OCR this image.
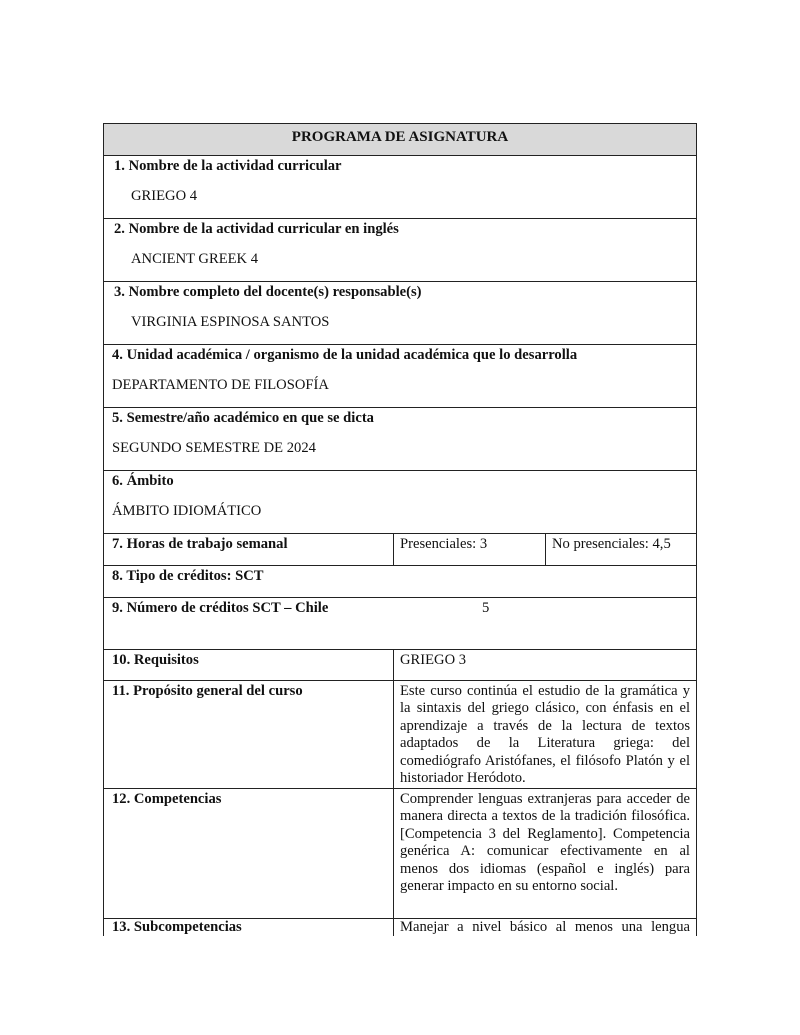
PROGRAMA DE ASIGNATURA
1. Nombre de la actividad curricular
GRIEGO 4
2. Nombre de la actividad curricular en inglés
ANCIENT GREEK 4
3. Nombre completo del docente(s) responsable(s)
VIRGINIA ESPINOSA SANTOS
4. Unidad académica / organismo de la unidad académica que lo desarrolla
DEPARTAMENTO DE FILOSOFÍA
5. Semestre/año académico en que se dicta
SEGUNDO SEMESTRE DE 2024
6. Ámbito
ÁMBITO IDIOMÁTICO
7. Horas de trabajo semanal	Presenciales: 3	No presenciales: 4,5
8. Tipo de créditos: SCT
9. Número de créditos SCT – Chile	5
10. Requisitos	GRIEGO 3
11. Propósito general del curso	Este curso continúa el estudio de la gramática y la sintaxis del griego clásico, con énfasis en el aprendizaje a través de la lectura de textos adaptados de la Literatura griega: del comediógrafo Aristófanes, el filósofo Platón y el historiador Heródoto.
12. Competencias	Comprender lenguas extranjeras para acceder de manera directa a textos de la tradición filosófica. [Competencia 3 del Reglamento]. Competencia genérica A: comunicar efectivamente en al menos dos idiomas (español e inglés) para generar impacto en su entorno social.
13. Subcompetencias	Manejar a nivel básico al menos una lengua
